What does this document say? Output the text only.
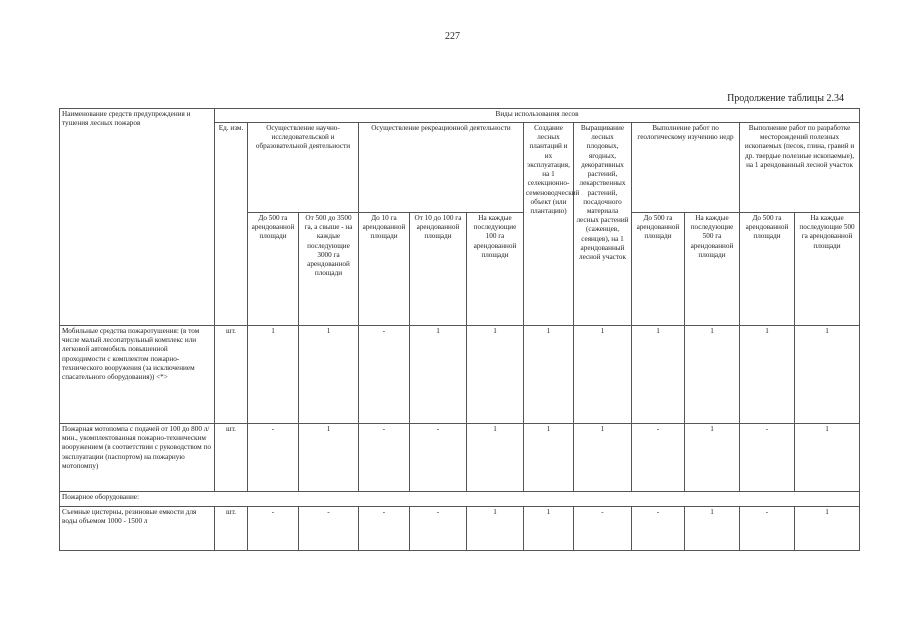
227
Продолжение таблицы 2.34
Наименование средств предупреждения и тушения лесных пожаров	Виды использования лесов											
	Ед. изм.	Осуществление научно-исследовательской и образовательной деятельности		Осуществление рекреационной деятельности			Создание лесных плантаций и их эксплуатация, на 1 селекционно-семеноводческий объект (или плантацию)	Выращивание лесных плодовых, ягодных, декоративных растений, лекарственных растений, посадочного материала лесных растений (саженцев, сеянцев), на 1 арендованный лесной участок	Выполнение работ по геологическому изучению недр		Выполнение работ по разработке месторождений полезных ископаемых (песок, глина, гравий и др. твердые полезные ископаемые), на 1 арендованный лесной участок	
		До 500 га арендованной площади	От 500 до 3500 га, а свыше - на каждые последующие 3000 га арендованной площади	До 10 га арендованной площади	От 10 до 100 га арендованной площади	На каждые последующие 100 га арендованной площади			До 500 га арендованной площади	На каждые последующие 500 га арендованной площади	До 500 га арендованной площади	На каждые последующие 500 га арендованной площади
Мобильные средства пожаротушения: (в том числе малый лесопатрульный комплекс или легковой автомобиль повышенной проходимости с комплектом пожарно-технического вооружения (за исключением спасательного оборудования)) <*>	шт.	1	1	-	1	1	1	1	1	1	1	1
Пожарная мотопомпа с подачей от 100 до 800 л/мин., укомплектованная пожарно-техническим вооружением (в соответствии с руководством по эксплуатации (паспортом) на пожарную мотопомпу)	шт.	-	1	-	-	1	1	1	-	1	-	1
Пожарное оборудование:												
Съемные цистерны, резиновые емкости для воды объемом 1000 - 1500 л	шт.	-	-	-	-	1	1	-	-	1	-	1
